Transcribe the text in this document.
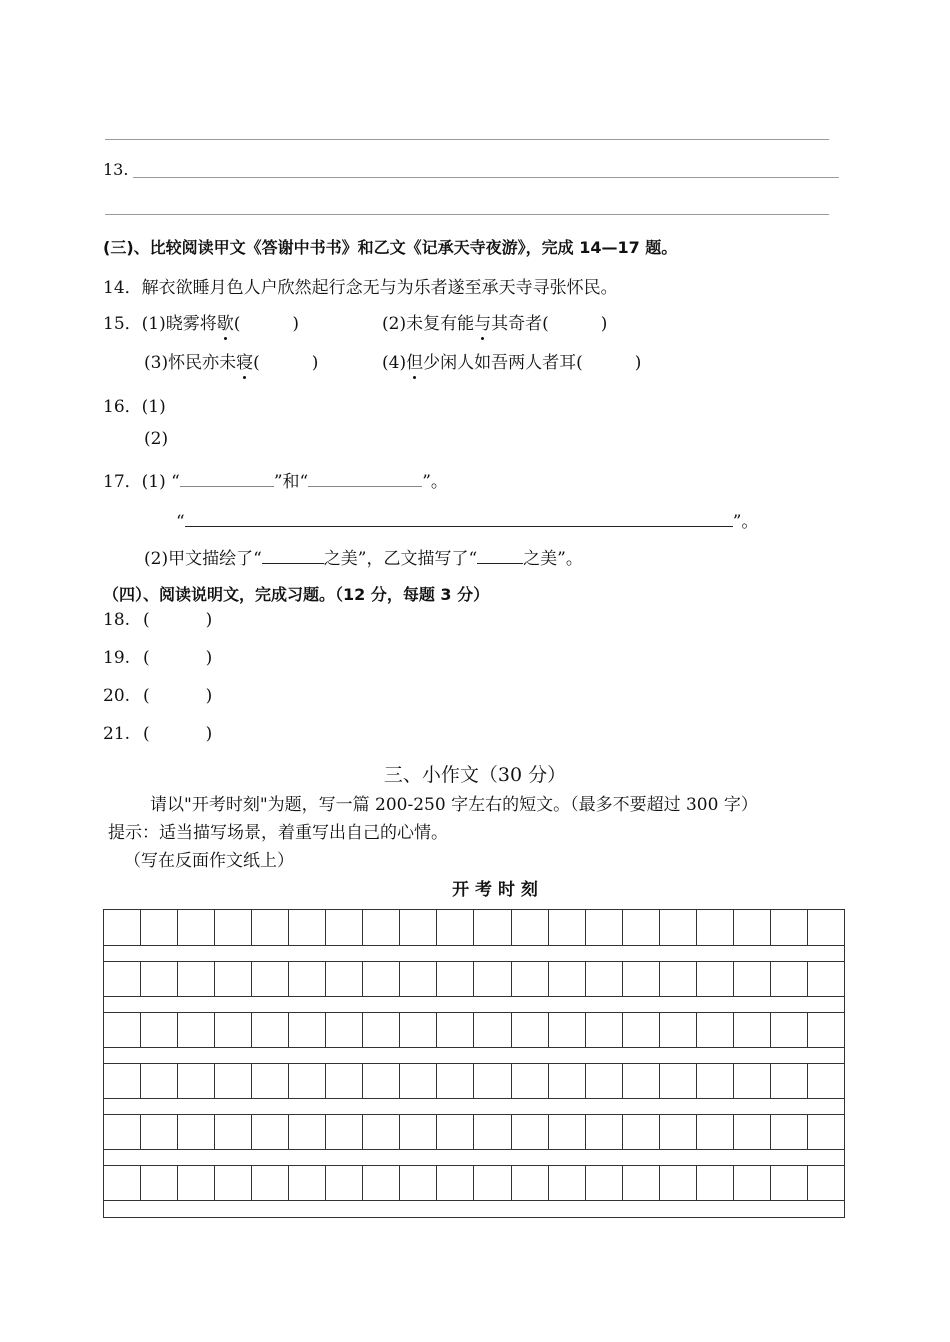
13.
(三)、比较阅读甲文《答谢中书书》和乙文《记承天寺夜游》，完成 14—17 题。
14．解衣欲睡月色人户欣然起行念无与为乐者遂至承天寺寻张怀民。
15．(1)晓雾将歇(	)	(2)未复有能与其奇者(	)
(3)怀民亦未寝(	)	(4)但少闲人如吾两人者耳(	)
16．(1)
(2)
17．(1) “	”和“	”。
“	”。
(2)甲文描绘了“	之美”，乙文描写了“	之美”。
（四）、阅读说明文，完成习题。（12 分，每题 3 分）
18. (	)
19. (	)
20. (	)
21. (	)
三、小作文（30 分）
请以"开考时刻"为题，写一篇 200-250 字左右的短文。（最多不要超过 300 字）
提示：适当描写场景，着重写出自己的心情。
（写在反面作文纸上）
开 考 时 刻
